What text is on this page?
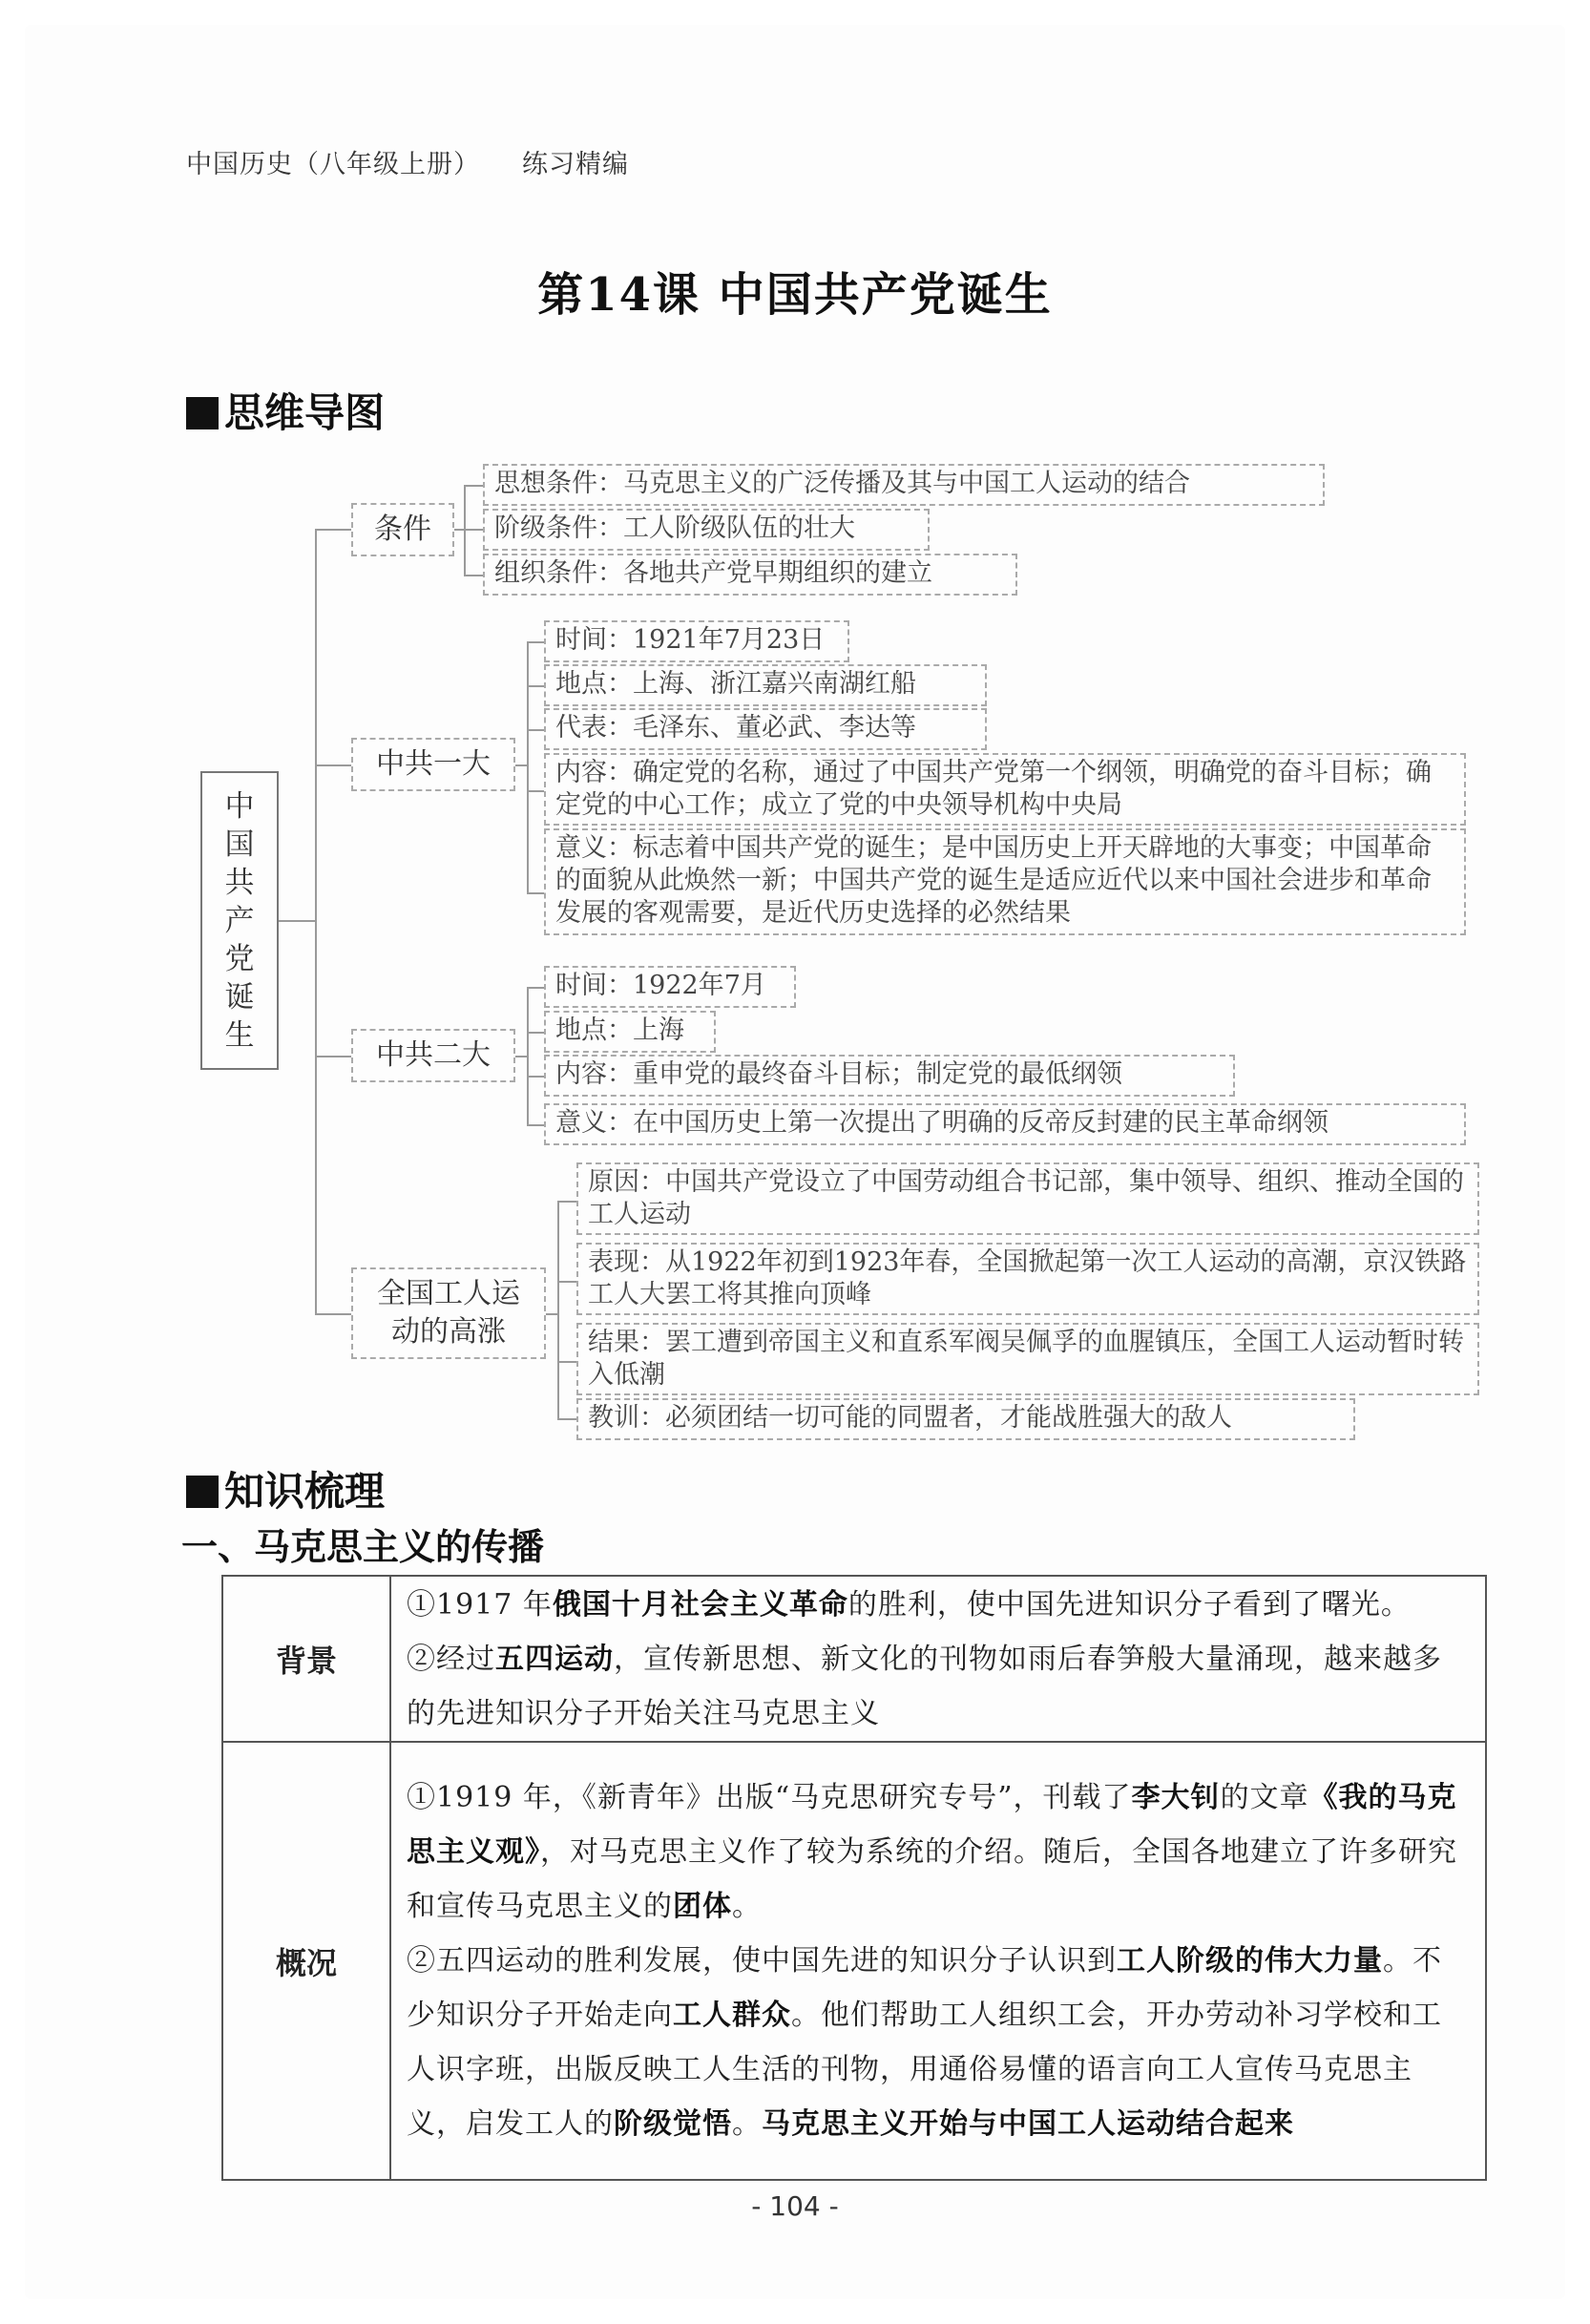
中国历史（八年级上册） 练习精编
第14课 中国共产党诞生
思维导图
中
国
共
产
党
诞
生
条件
中共一大
中共二大
全国工人运动的高涨
思想条件：马克思主义的广泛传播及其与中国工人运动的结合
阶级条件：工人阶级队伍的壮大
组织条件：各地共产党早期组织的建立
时间：1921年7月23日
地点：上海、浙江嘉兴南湖红船
代表：毛泽东、董必武、李达等
内容：确定党的名称，通过了中国共产党第一个纲领，明确党的奋斗目标；确定党的中心工作；成立了党的中央领导机构中央局
意义：标志着中国共产党的诞生；是中国历史上开天辟地的大事变；中国革命的面貌从此焕然一新；中国共产党的诞生是适应近代以来中国社会进步和革命发展的客观需要，是近代历史选择的必然结果
时间：1922年7月
地点：上海
内容：重申党的最终奋斗目标；制定党的最低纲领
意义：在中国历史上第一次提出了明确的反帝反封建的民主革命纲领
原因：中国共产党设立了中国劳动组合书记部，集中领导、组织、推动全国的工人运动
表现：从1922年初到1923年春，全国掀起第一次工人运动的高潮，京汉铁路工人大罢工将其推向顶峰
结果：罢工遭到帝国主义和直系军阀吴佩孚的血腥镇压，全国工人运动暂时转入低潮
教训：必须团结一切可能的同盟者，才能战胜强大的敌人
知识梳理
一、马克思主义的传播
背景	①1917 年俄国十月社会主义革命的胜利，使中国先进知识分子看到了曙光。

②经过五四运动，宣传新思想、新文化的刊物如雨后春笋般大量涌现，越来越多的先进知识分子开始关注马克思主义

概况	①1919 年，《新青年》出版“马克思研究专号”，刊载了李大钊的文章《我的马克思主义观》，对马克思主义作了较为系统的介绍。随后，全国各地建立了许多研究和宣传马克思主义的团体。

②五四运动的胜利发展，使中国先进的知识分子认识到工人阶级的伟大力量。不少知识分子开始走向工人群众。他们帮助工人组织工会，开办劳动补习学校和工人识字班，出版反映工人生活的刊物，用通俗易懂的语言向工人宣传马克思主义，启发工人的阶级觉悟。马克思主义开始与中国工人运动结合起来

- 104 -
